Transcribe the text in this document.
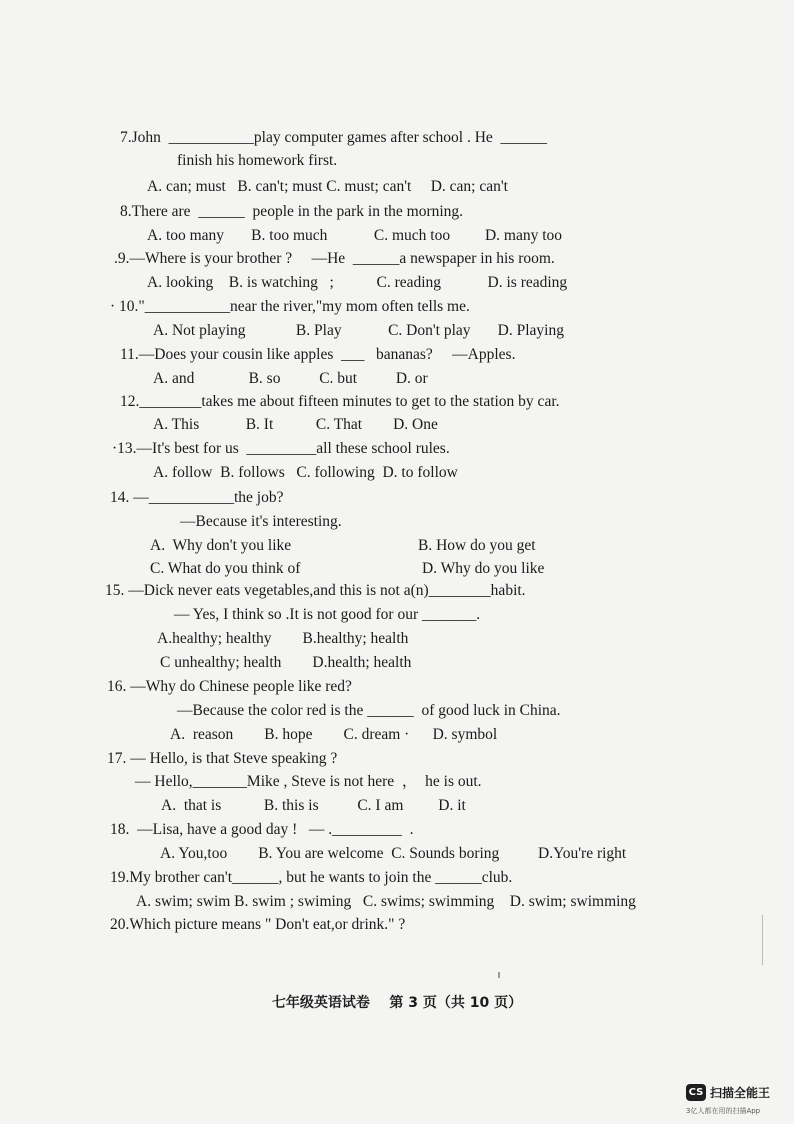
7.John  ___________play computer games after school . He  ______
finish his homework first.
A. can; must   B. can't; must C. must; can't     D. can; can't
8.There are  ______  people in the park in the morning.
A. too many       B. too much            C. much too         D. many too
.9.—Where is your brother ?     —He  ______a newspaper in his room.
A. looking    B. is watching   ;           C. reading            D. is reading
· 10."___________near the river,"my mom often tells me.
A. Not playing             B. Play            C. Don't play       D. Playing
11.—Does your cousin like apples  ___   bananas?     —Apples.
A. and              B. so          C. but          D. or
12.________takes me about fifteen minutes to get to the station by car.
A. This            B. It           C. That        D. One
·13.—It's best for us  _________all these school rules.
A. follow  B. follows   C. following  D. to follow
14. —___________the job?
—Because it's interesting.
A.  Why don't you like	B. How do you get
C. What do you think of	D. Why do you like
15. —Dick never eats vegetables,and this is not a(n)________habit.
— Yes, I think so .It is not good for our _______.
A.healthy; healthy        B.healthy; health
C unhealthy; health        D.health; health
16. —Why do Chinese people like red?
—Because the color red is the ______  of good luck in China.
A.  reason        B. hope        C. dream ·      D. symbol
17. — Hello, is that Steve speaking ?
— Hello,_______Mike , Steve is not here  ，  he is out.
A.  that is           B. this is          C. I am         D. it
18.  —Lisa, have a good day !   — ._________  .
A. You,too        B. You are welcome  C. Sounds boring          D.You're right
19.My brother can't______, but he wants to join the ______club.
A. swim; swim B. swim ; swiming   C. swims; swimming    D. swim; swimming
20.Which picture means " Don't eat,or drink." ?
七年级英语试卷    第 3 页（共 10 页）
CS 扫描全能王
3亿人都在用的扫描App
